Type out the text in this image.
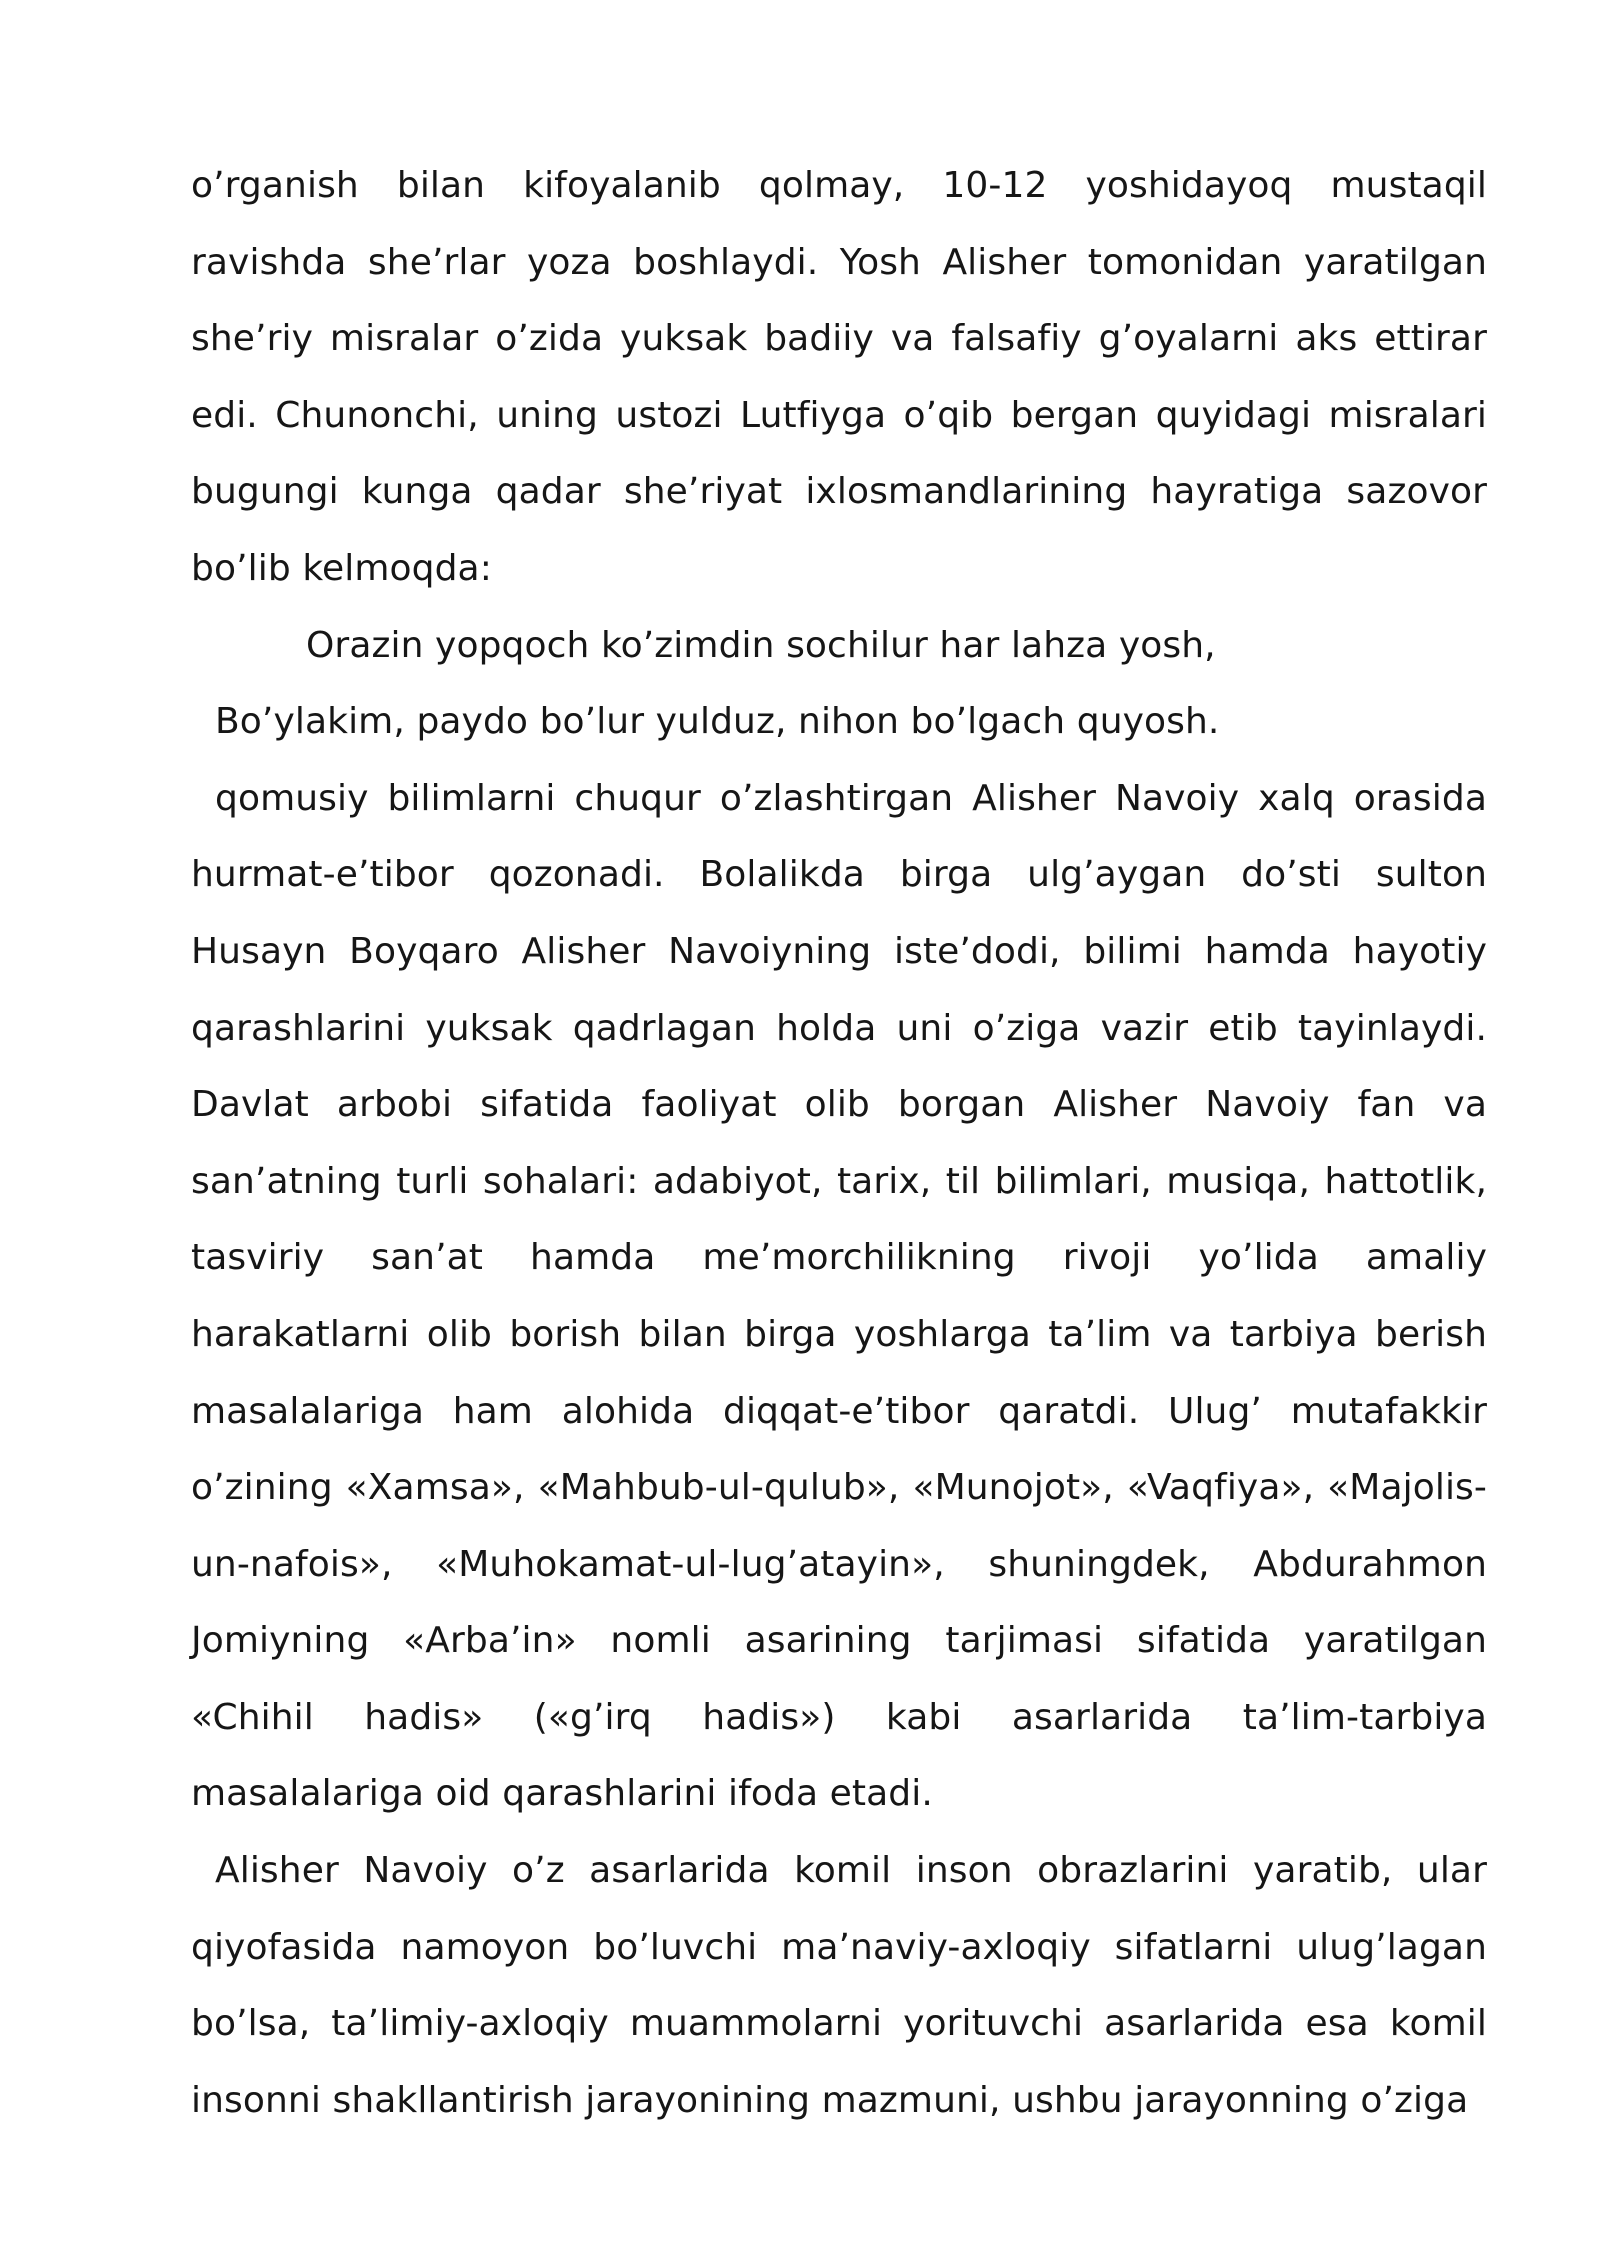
o’rganish bilan kifoyalanib qolmay, 10-12 yoshidayoq mustaqil ravishda she’rlar yoza boshlaydi. Yosh Alisher tomonidan yaratilgan she’riy misralar o’zida yuksak badiiy va falsafiy g’oyalarni aks ettirar edi. Chunonchi, uning ustozi Lutfiyga o’qib bergan quyidagi misralari bugungi kunga qadar she’riyat ixlosmandlarining hayratiga sazovor bo’lib kelmoqda:

Orazin yopqoch ko’zimdin sochilur har lahza yosh,

Bo’ylakim, paydo bo’lur yulduz, nihon bo’lgach quyosh.

qomusiy bilimlarni chuqur o’zlashtirgan Alisher Navoiy xalq orasida hurmat-e’tibor qozonadi. Bolalikda birga ulg’aygan do’sti sulton Husayn Boyqaro Alisher Navoiyning iste’dodi, bilimi hamda hayotiy qarashlarini yuksak qadrlagan holda uni o’ziga vazir etib tayinlaydi. Davlat arbobi sifatida faoliyat olib borgan Alisher Navoiy fan va san’atning turli sohalari: adabiyot, tarix, til bilimlari, musiqa, hattotlik, tasviriy san’at hamda me’morchilikning rivoji yo’lida amaliy harakatlarni olib borish bilan birga yoshlarga ta’lim va tarbiya berish masalalariga ham alohida diqqat-e’tibor qaratdi. Ulug’ mutafakkir o’zining «Xamsa», «Mahbub-ul-qulub», «Munojot», «Vaqfiya», «Majolis-un-nafois», «Muhokamat-ul-lug’atayin», shuningdek, Abdurahmon Jomiyning «Arba’in» nomli asarining tarjimasi sifatida yaratilgan «Chihil hadis» («g’irq hadis») kabi asarlarida ta’lim-tarbiya masalalariga oid qarashlarini ifoda etadi.

Alisher Navoiy o’z asarlarida komil inson obrazlarini yaratib, ular qiyofasida namoyon bo’luvchi ma’naviy-axloqiy sifatlarni ulug’lagan bo’lsa, ta’limiy-axloqiy muammolarni yorituvchi asarlarida esa komil insonni shakllantirish jarayonining mazmuni, ushbu jarayonning o’ziga
